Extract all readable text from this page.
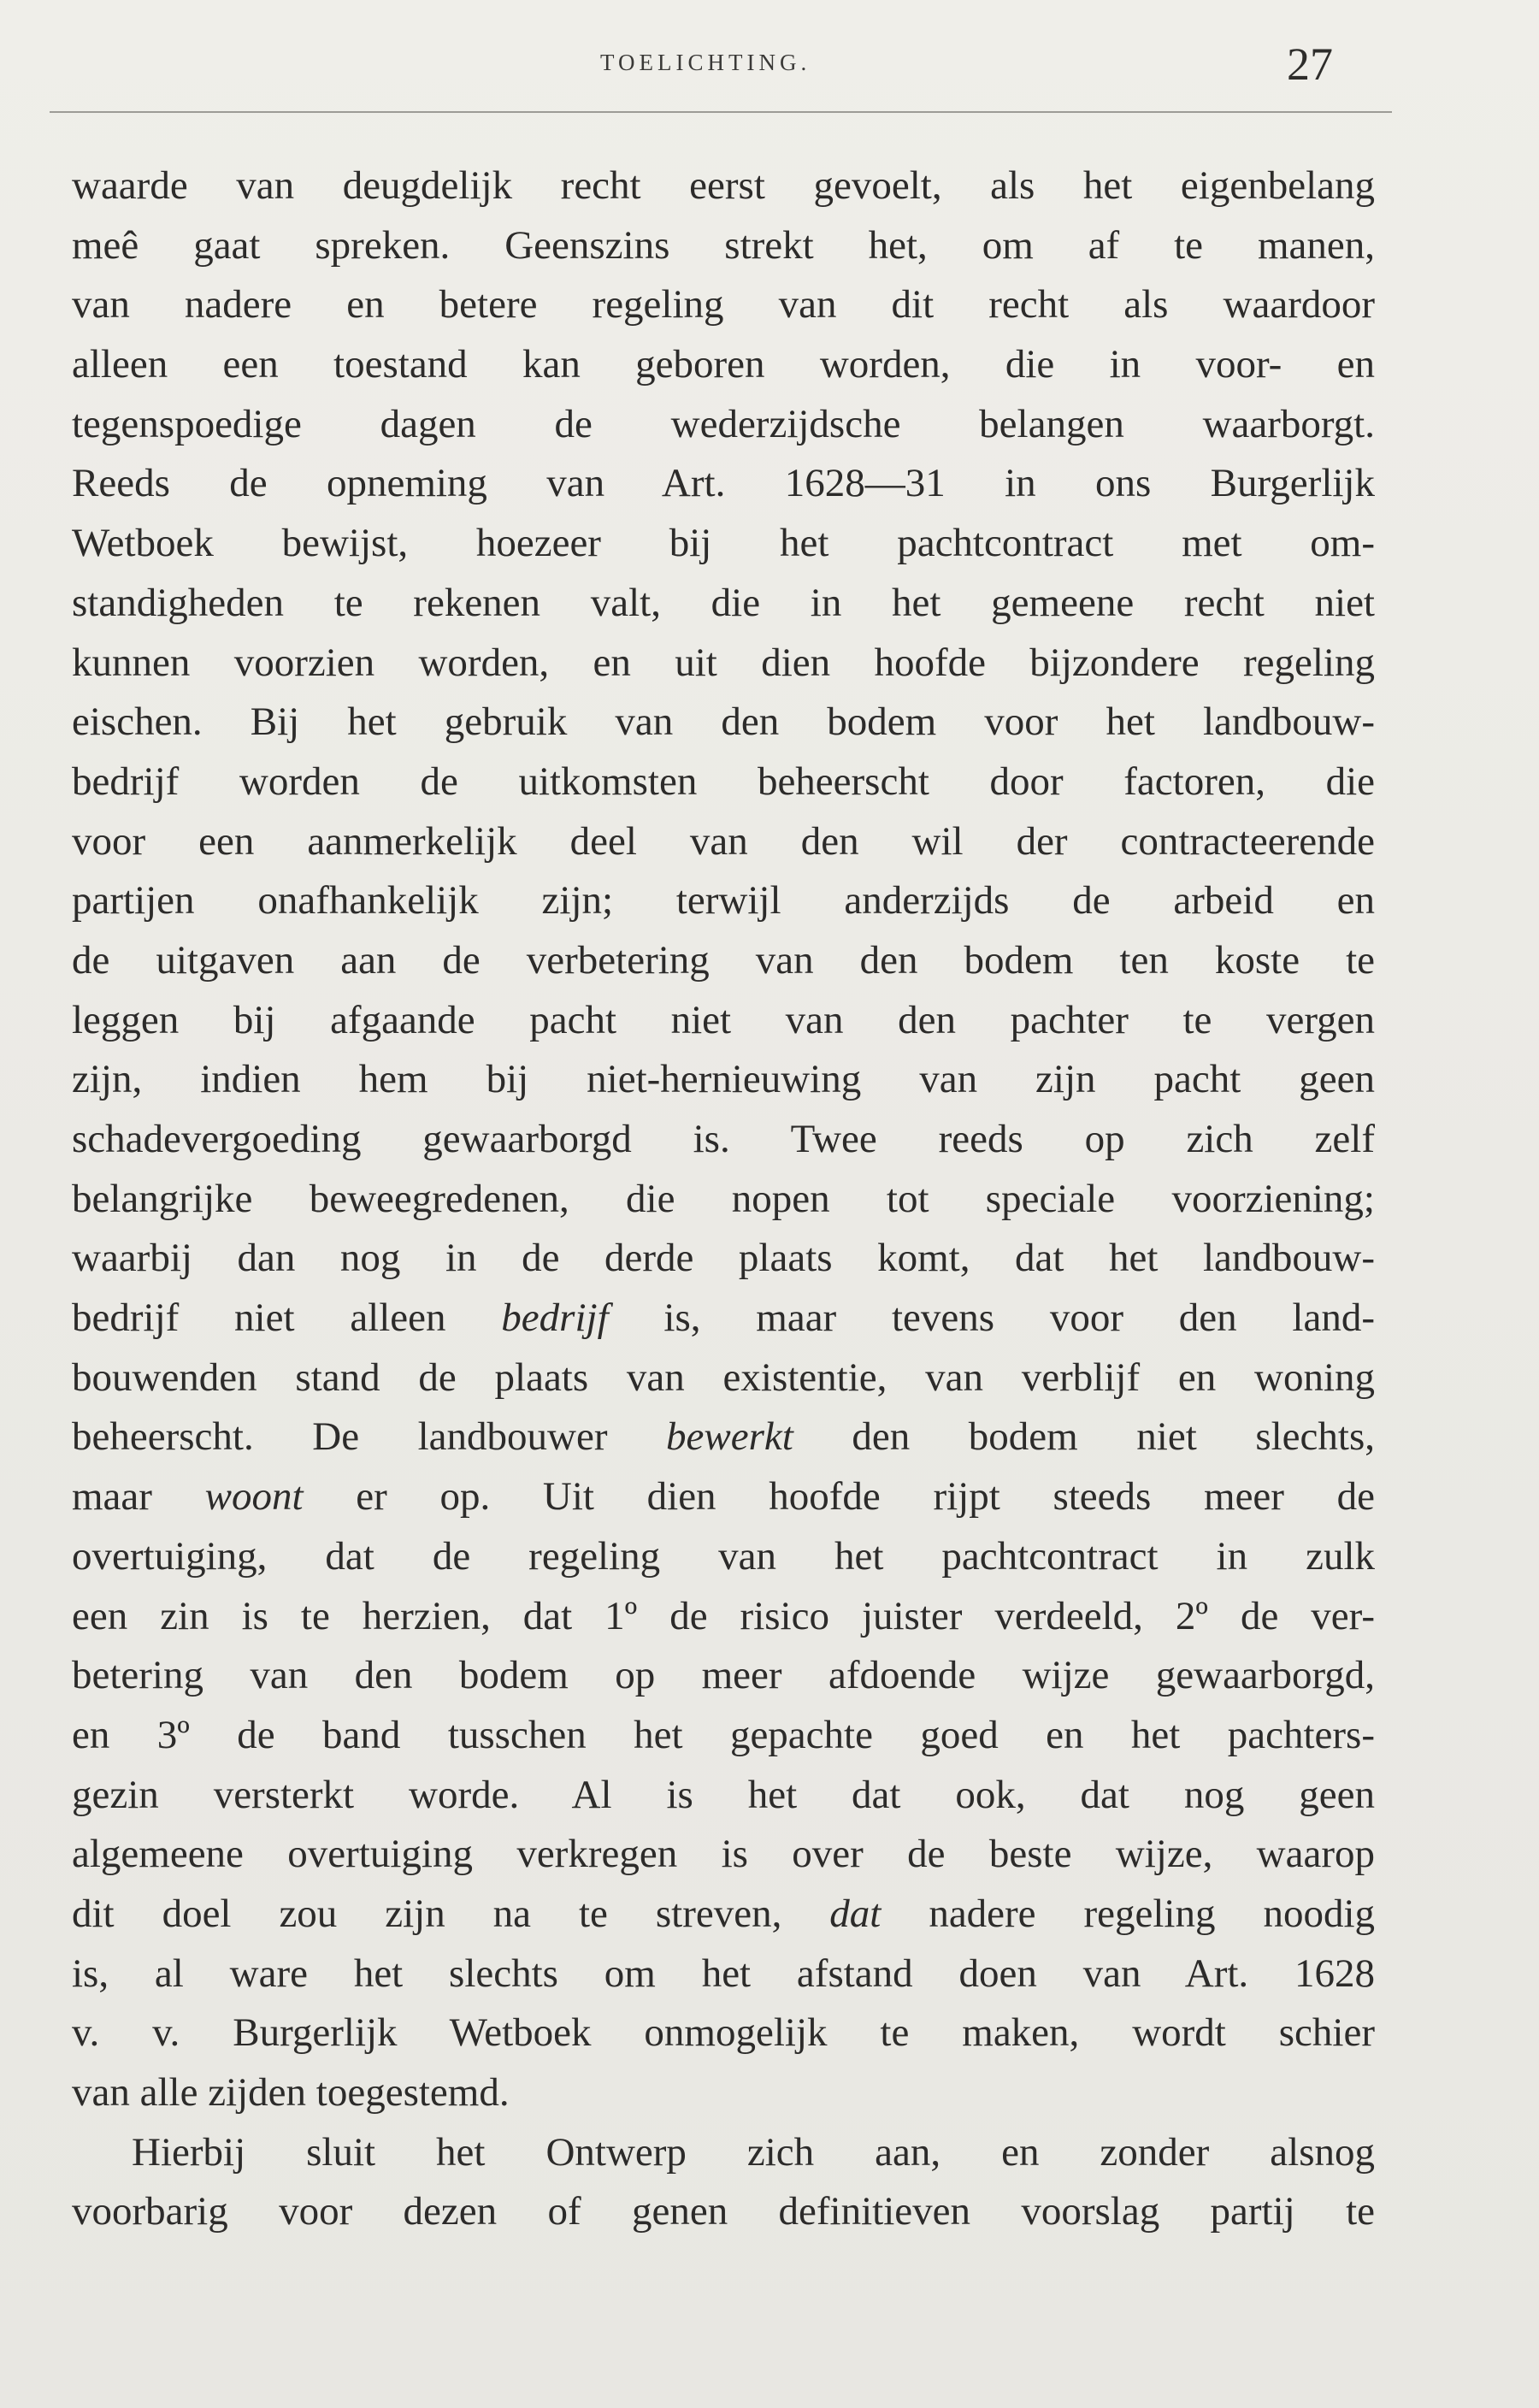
TOELICHTING.	27
waarde van deugdelijk recht eerst gevoelt, als het eigenbelang
meê gaat spreken. Geenszins strekt het, om af te manen,
van nadere en betere regeling van dit recht als waardoor
alleen een toestand kan geboren worden, die in voor- en
tegenspoedige dagen de wederzijdsche belangen waarborgt.
Reeds de opneming van Art. 1628—31 in ons Burgerlijk
Wetboek bewijst, hoezeer bij het pachtcontract met om-
standigheden te rekenen valt, die in het gemeene recht niet
kunnen voorzien worden, en uit dien hoofde bijzondere regeling
eischen. Bij het gebruik van den bodem voor het landbouw-
bedrijf worden de uitkomsten beheerscht door factoren, die
voor een aanmerkelijk deel van den wil der contracteerende
partijen onafhankelijk zijn; terwijl anderzijds de arbeid en
de uitgaven aan de verbetering van den bodem ten koste te
leggen bij afgaande pacht niet van den pachter te vergen
zijn, indien hem bij niet-hernieuwing van zijn pacht geen
schadevergoeding gewaarborgd is. Twee reeds op zich zelf
belangrijke beweegredenen, die nopen tot speciale voorziening;
waarbij dan nog in de derde plaats komt, dat het landbouw-
bedrijf niet alleen bedrijf is, maar tevens voor den land-
bouwenden stand de plaats van existentie, van verblijf en woning
beheerscht. De landbouwer bewerkt den bodem niet slechts,
maar woont er op. Uit dien hoofde rijpt steeds meer de
overtuiging, dat de regeling van het pachtcontract in zulk
een zin is te herzien, dat 1º de risico juister verdeeld, 2º de ver-
betering van den bodem op meer afdoende wijze gewaarborgd,
en 3º de band tusschen het gepachte goed en het pachters-
gezin versterkt worde. Al is het dat ook, dat nog geen
algemeene overtuiging verkregen is over de beste wijze, waarop
dit doel zou zijn na te streven, dat nadere regeling noodig
is, al ware het slechts om het afstand doen van Art. 1628
v. v. Burgerlijk Wetboek onmogelijk te maken, wordt schier
van alle zijden toegestemd.
Hierbij sluit het Ontwerp zich aan, en zonder alsnog
voorbarig voor dezen of genen definitieven voorslag partij te
